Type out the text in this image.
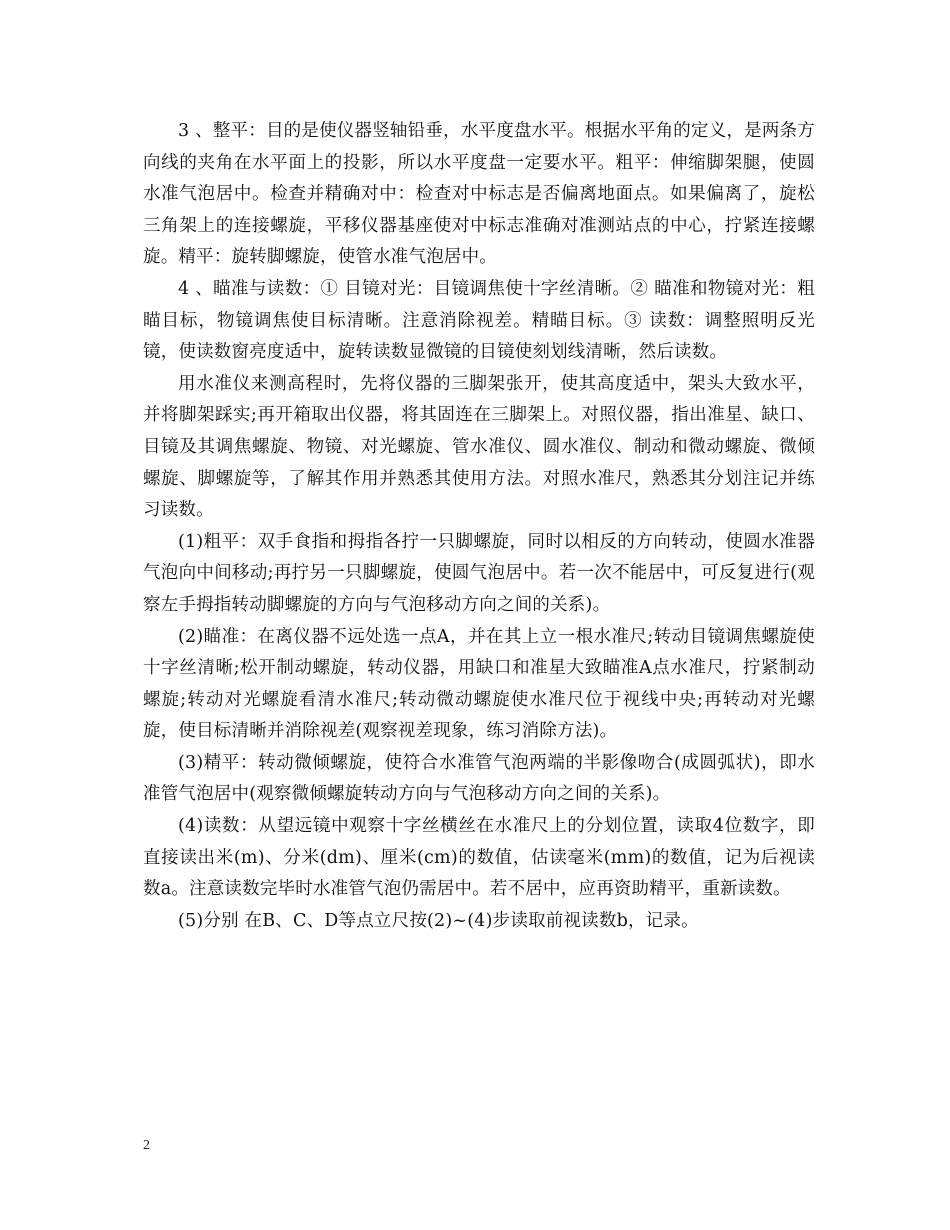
3 、整平：目的是使仪器竖轴铅垂，水平度盘水平。根据水平角的定义，是两条方向线的夹角在水平面上的投影，所以水平度盘一定要水平。粗平：伸缩脚架腿，使圆水准气泡居中。检查并精确对中：检查对中标志是否偏离地面点。如果偏离了，旋松三角架上的连接螺旋，平移仪器基座使对中标志准确对准测站点的中心，拧紧连接螺旋。精平：旋转脚螺旋，使管水准气泡居中。

4 、瞄准与读数：① 目镜对光：目镜调焦使十字丝清晰。② 瞄准和物镜对光：粗瞄目标，物镜调焦使目标清晰。注意消除视差。精瞄目标。③ 读数：调整照明反光镜，使读数窗亮度适中，旋转读数显微镜的目镜使刻划线清晰，然后读数。

用水准仪来测高程时，先将仪器的三脚架张开，使其高度适中，架头大致水平，并将脚架踩实;再开箱取出仪器，将其固连在三脚架上。对照仪器，指出准星、缺口、目镜及其调焦螺旋、物镜、对光螺旋、管水准仪、圆水准仪、制动和微动螺旋、微倾螺旋、脚螺旋等，了解其作用并熟悉其使用方法。对照水准尺，熟悉其分划注记并练习读数。

(1)粗平：双手食指和拇指各拧一只脚螺旋，同时以相反的方向转动，使圆水准器气泡向中间移动;再拧另一只脚螺旋，使圆气泡居中。若一次不能居中，可反复进行(观察左手拇指转动脚螺旋的方向与气泡移动方向之间的关系)。

(2)瞄准：在离仪器不远处选一点A，并在其上立一根水准尺;转动目镜调焦螺旋使十字丝清晰;松开制动螺旋，转动仪器，用缺口和准星大致瞄准A点水准尺，拧紧制动螺旋;转动对光螺旋看清水准尺;转动微动螺旋使水准尺位于视线中央;再转动对光螺旋，使目标清晰并消除视差(观察视差现象，练习消除方法)。

(3)精平：转动微倾螺旋，使符合水准管气泡两端的半影像吻合(成圆弧状)，即水准管气泡居中(观察微倾螺旋转动方向与气泡移动方向之间的关系)。

(4)读数：从望远镜中观察十字丝横丝在水准尺上的分划位置，读取4位数字，即直接读出米(m)、分米(dm)、厘米(cm)的数值，估读毫米(mm)的数值，记为后视读数a。注意读数完毕时水准管气泡仍需居中。若不居中，应再资助精平，重新读数。

(5)分别 在B、C、D等点立尺按(2)~(4)步读取前视读数b，记录。

2
